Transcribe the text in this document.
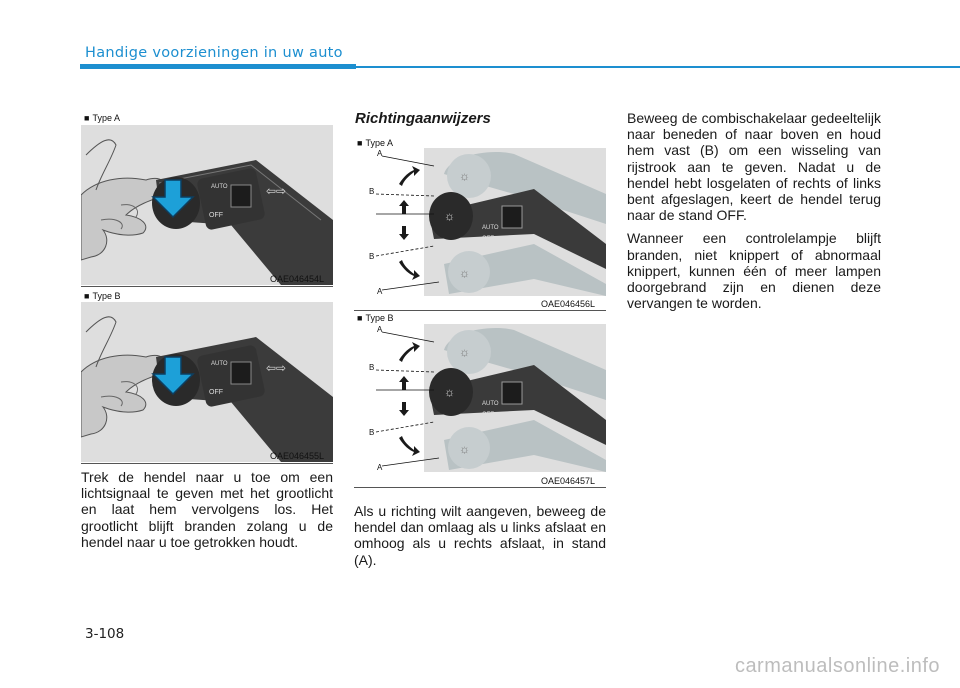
Handige voorzieningen in uw auto
■ Type A
AUTO
OFF
⇦⇨
OAE046454L
■ Type B
AUTO
OFF
⇦⇨
OAE046455L

Trek de hendel naar u toe om een lichtsignaal te geven met het grootlicht en laat hem vervolgens los. Het grootlicht blijft branden zolang u de hendel naar u toe getrokken houdt.

Richtingaanwijzers
■ Type A
☼
☼
AUTO
OFF
☼
A
B
B
A
OAE046456L
■ Type B
☼
☼
AUTO
OFF
☼
A
B
B
A
OAE046457L

Als u richting wilt aangeven, beweeg de hendel dan omlaag als u links afslaat en omhoog als u rechts afslaat, in stand (A).

Beweeg de combischakelaar gedeeltelijk naar beneden of naar boven en houd hem vast (B) om een wisseling van rijstrook aan te geven. Nadat u de hendel hebt losgelaten of rechts of links bent afgeslagen, keert de hendel terug naar de stand OFF.

Wanneer een controlelampje blijft branden, niet knippert of abnormaal knippert, kunnen één of meer lampen doorgebrand zijn en dienen deze vervangen te worden.

3-108
carmanualsonline.info
